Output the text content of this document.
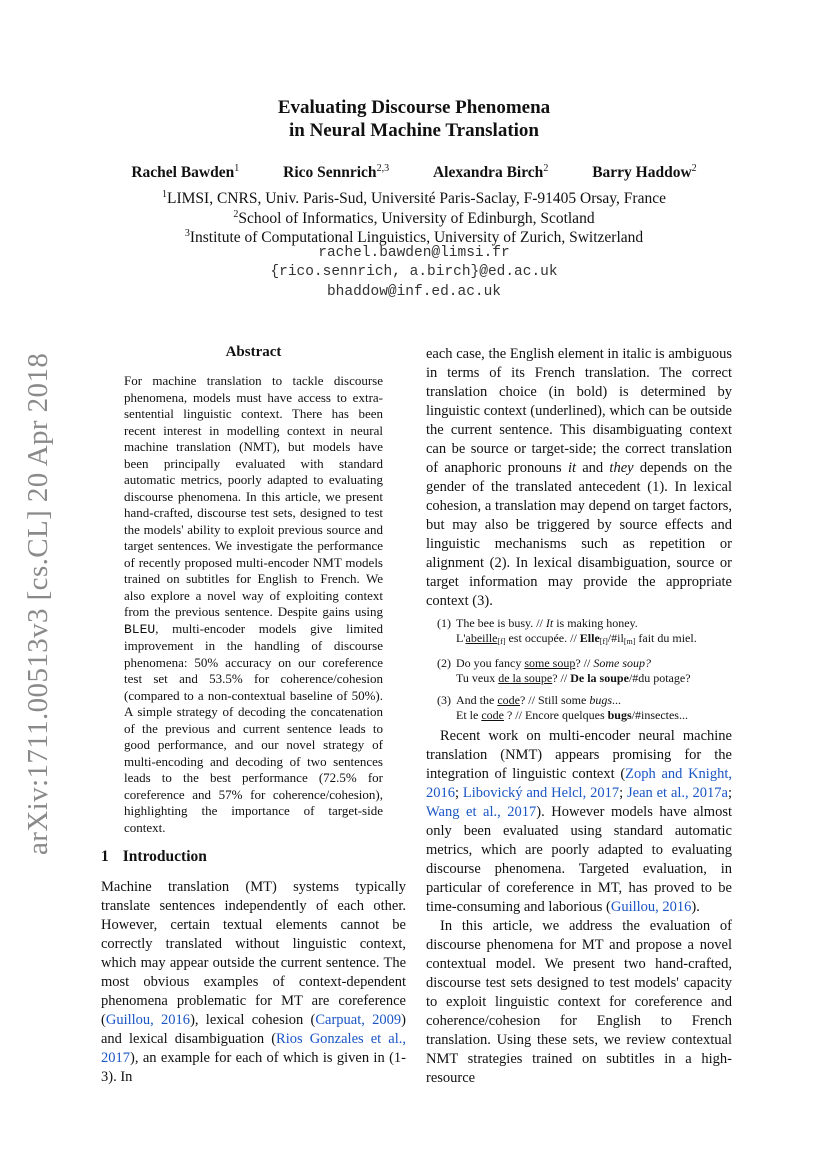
arXiv:1711.00513v3 [cs.CL] 20 Apr 2018
Evaluating Discourse Phenomena
in Neural Machine Translation
Rachel Bawden$^1$	Rico Sennrich$^{2,3}$	Alexandra Birch$^2$	Barry Haddow$^2$
$^1$LIMSI, CNRS, Univ. Paris-Sud, Université Paris-Saclay, F-91405 Orsay, France
$^2$School of Informatics, University of Edinburgh, Scotland
$^3$Institute of Computational Linguistics, University of Zurich, Switzerland
rachel.bawden@limsi.fr
{rico.sennrich, a.birch}@ed.ac.uk
bhaddow@inf.ed.ac.uk
Abstract
For machine translation to tackle discourse phenomena, models must have access to extra-sentential linguistic context. There has been recent interest in modelling context in neural machine translation (NMT), but models have been principally evaluated with standard automatic metrics, poorly adapted to evaluating discourse phenomena. In this article, we present hand-crafted, discourse test sets, designed to test the models' ability to exploit previous source and target sentences. We investigate the performance of recently proposed multi-encoder NMT models trained on subtitles for English to French. We also explore a novel way of exploiting context from the previous sentence. Despite gains using BLEU, multi-encoder models give limited improvement in the handling of discourse phenomena: 50% accuracy on our coreference test set and 53.5% for coherence/cohesion (compared to a non-contextual baseline of 50%). A simple strategy of decoding the concatenation of the previous and current sentence leads to good performance, and our novel strategy of multi-encoding and decoding of two sentences leads to the best performance (72.5% for coreference and 57% for coherence/cohesion), highlighting the importance of target-side context.
1 Introduction

Machine translation (MT) systems typically translate sentences independently of each other. However, certain textual elements cannot be correctly translated without linguistic context, which may appear outside the current sentence. The most obvious examples of context-dependent phenomena problematic for MT are coreference (Guillou, 2016), lexical cohesion (Carpuat, 2009) and lexical disambiguation (Rios Gonzales et al., 2017), an example for each of which is given in (1-3). In

each case, the English element in italic is ambiguous in terms of its French translation. The correct translation choice (in bold) is determined by linguistic context (underlined), which can be outside the current sentence. This disambiguating context can be source or target-side; the correct translation of anaphoric pronouns it and they depends on the gender of the translated antecedent (1). In lexical cohesion, a translation may depend on target factors, but may also be triggered by source effects and linguistic mechanisms such as repetition or alignment (2). In lexical disambiguation, source or target information may provide the appropriate context (3).

(1) The bee is busy. // It is making honey.
L'abeille$_{[f]}$ est occupée. // $Elle_{[f]}/\#il_{[m]}$ fait du miel.
(2) Do you fancy some soup? // Some soup?
Tu veux de la soupe? // De la soupe/#du potage?
(3) And the code? // Still some bugs...
Et le code ? // Encore quelques bugs/#insectes...

Recent work on multi-encoder neural machine translation (NMT) appears promising for the integration of linguistic context (Zoph and Knight, 2016; Libovický and Helcl, 2017; Jean et al., 2017a; Wang et al., 2017). However models have almost only been evaluated using standard automatic metrics, which are poorly adapted to evaluating discourse phenomena. Targeted evaluation, in particular of coreference in MT, has proved to be time-consuming and laborious (Guillou, 2016).

In this article, we address the evaluation of discourse phenomena for MT and propose a novel contextual model. We present two hand-crafted, discourse test sets designed to test models' capacity to exploit linguistic context for coreference and coherence/cohesion for English to French translation. Using these sets, we review contextual NMT strategies trained on subtitles in a high-resource
